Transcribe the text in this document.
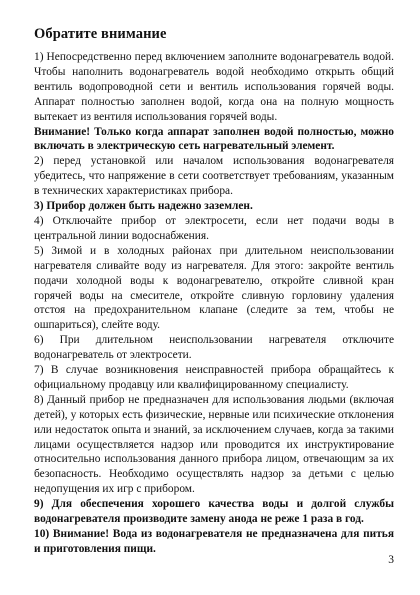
Обратите внимание

1) Непосредственно перед включением заполните водонагреватель водой. Чтобы наполнить водонагреватель водой необходимо открыть общий вентиль водопроводной сети и вентиль использования горячей воды. Аппарат полностью заполнен водой, когда она на полную мощность вытекает из вентиля использования горячей воды.

Внимание! Только когда аппарат заполнен водой полностью, можно включать в электрическую сеть нагревательный элемент.

2) перед установкой или началом использования водонагревателя убедитесь, что напряжение в сети соответствует требованиям, указанным в технических характеристиках прибора.

3) Прибор должен быть надежно заземлен.

4) Отключайте прибор от электросети, если нет подачи воды в центральной линии водоснабжения.

5) Зимой и в холодных районах при длительном неиспользовании нагревателя сливайте воду из нагревателя. Для этого: закройте вентиль подачи холодной воды к водонагревателю, откройте сливной кран горячей воды на смесителе, откройте сливную горловину удаления отстоя на предохранительном клапане (следите за тем, чтобы не ошпариться), слейте воду.

6) При длительном неиспользовании нагревателя отключите водонагреватель от электросети.

7) В случае возникновения неисправностей прибора обращайтесь к официальному продавцу или квалифицированному специалисту.

8) Данный прибор не предназначен для использования людьми (включая детей), у которых есть физические, нервные или психические отклонения или недостаток опыта и знаний, за исключением случаев, когда за такими лицами осуществляется надзор или проводится их инструктирование относительно использования данного прибора лицом, отвечающим за их безопасность. Необходимо осуществлять надзор за детьми с целью недопущения их игр с прибором.

9) Для обеспечения хорошего качества воды и долгой службы водонагревателя производите замену анода не реже 1 раза в год.

10) Внимание! Вода из водонагревателя не предназначена для питья и приготовления пищи.

3
